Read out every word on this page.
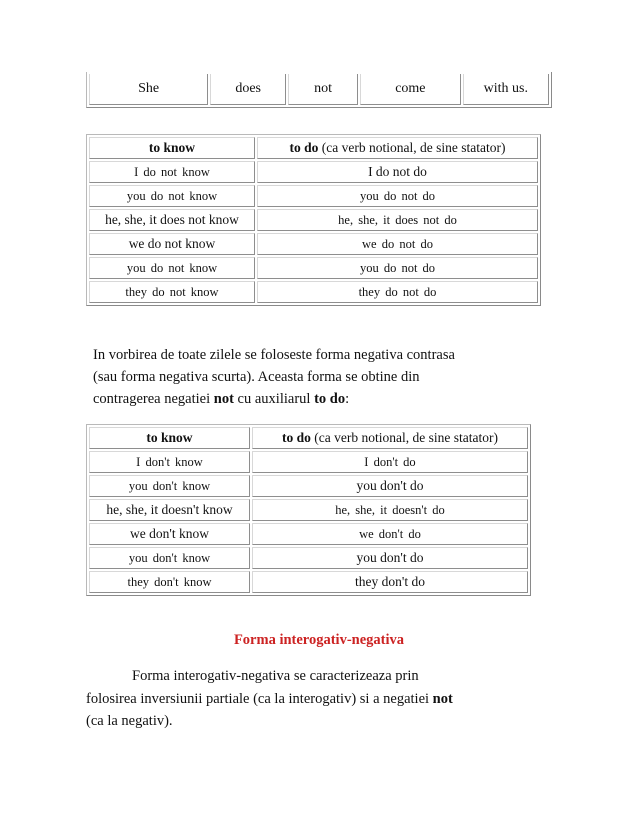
She	does	not	come	with us.
to know	to do (ca verb notional, de sine statator)
I do not know	I do not do
you do not know	you do not do
he, she, it does not know	he, she, it does not do
we do not know	we do not do
you do not know	you do not do
they do not know	they do not do

In vorbirea de toate zilele se foloseste forma negativa contrasa
(sau forma negativa scurta). Aceasta forma se obtine din
contragerea negatiei not cu auxiliarul to do:

to know	to do (ca verb notional, de sine statator)
I don't know	I don't do
you don't know	you don't do
he, she, it doesn't know	he, she, it doesn't do
we don't know	we don't do
you don't know	you don't do
they don't know	they don't do

Forma interogativ-negativa

Forma interogativ-negativa se caracterizeaza prin
folosirea inversiunii partiale (ca la interogativ) si a negatiei not
(ca la negativ).
